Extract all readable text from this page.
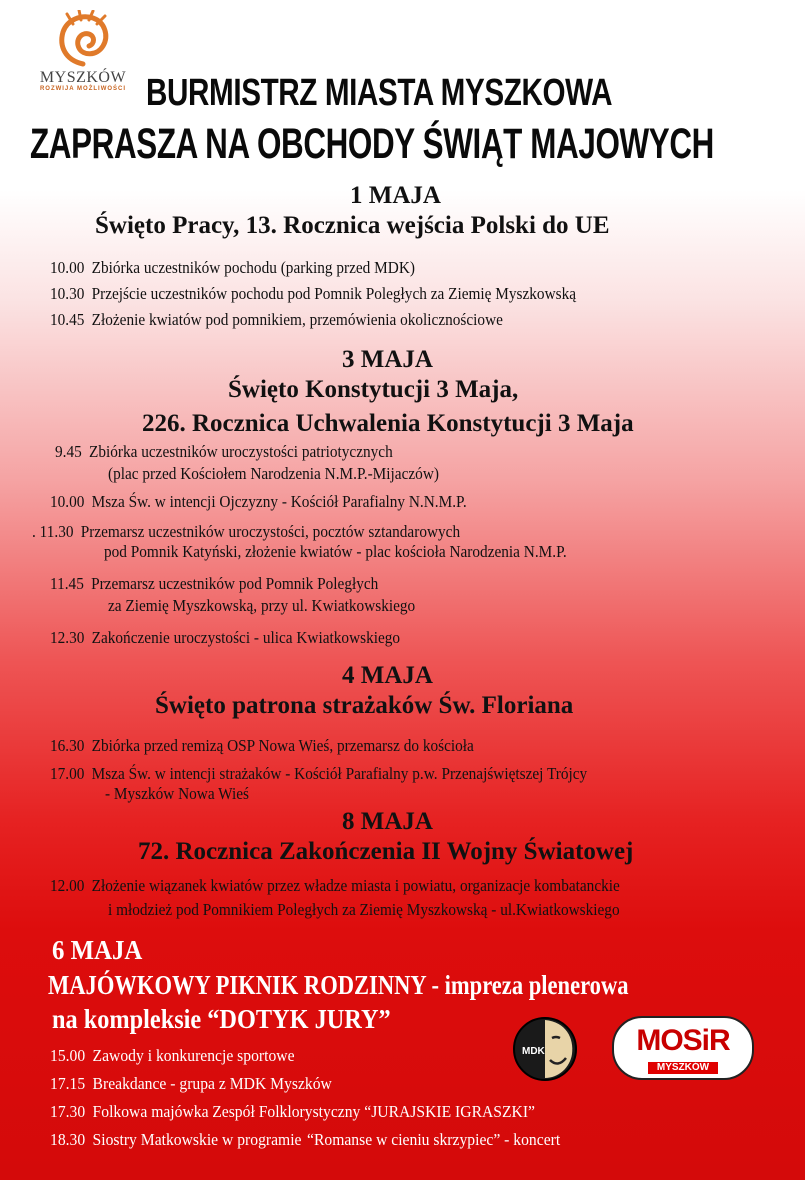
MYSZKÓW
ROZWIJA MOŻLIWOŚCI BURMISTRZ MIASTA MYSZKOWA
ZAPRASZA NA OBCHODY ŚWIĄT MAJOWYCH
1 MAJA
Święto Pracy, 13. Rocznica wejścia Polski do UE
10.00 Zbiórka uczestników pochodu (parking przed MDK)
10.30 Przejście uczestników pochodu pod Pomnik Poległych za Ziemię Myszkowską
10.45 Złożenie kwiatów pod pomnikiem, przemówienia okolicznościowe
3 MAJA
Święto Konstytucji 3 Maja,
226. Rocznica Uchwalenia Konstytucji 3 Maja
9.45 Zbiórka uczestników uroczystości patriotycznych
(plac przed Kościołem Narodzenia N.M.P.-Mijaczów)
10.00 Msza Św. w intencji Ojczyzny - Kościół Parafialny N.N.M.P.
. 11.30 Przemarsz uczestników uroczystości, pocztów sztandarowych
pod Pomnik Katyński, złożenie kwiatów - plac kościoła Narodzenia N.M.P.
11.45 Przemarsz uczestników pod Pomnik Poległych
za Ziemię Myszkowską, przy ul. Kwiatkowskiego
12.30 Zakończenie uroczystości - ulica Kwiatkowskiego
4 MAJA
Święto patrona strażaków Św. Floriana
16.30 Zbiórka przed remizą OSP Nowa Wieś, przemarsz do kościoła
17.00 Msza Św. w intencji strażaków - Kościół Parafialny p.w. Przenajświętszej Trójcy
- Myszków Nowa Wieś
8 MAJA
72. Rocznica Zakończenia II Wojny Światowej
12.00 Złożenie wiązanek kwiatów przez władze miasta i powiatu, organizacje kombatanckie
i młodzież pod Pomnikiem Poległych za Ziemię Myszkowską - ul.Kwiatkowskiego
6 MAJA
MAJÓWKOWY PIKNIK RODZINNY - impreza plenerowa
na kompleksie “DOTYK JURY”
15.00 Zawody i konkurencje sportowe
17.15 Breakdance - grupa z MDK Myszków
17.30 Folkowa majówka Zespół Folklorystyczny “JURAJSKIE IGRASZKI”
18.30 Siostry Matkowskie w programie “Romanse w cieniu skrzypiec” - koncert
MDK	MOSiR
MYSZKÓW
